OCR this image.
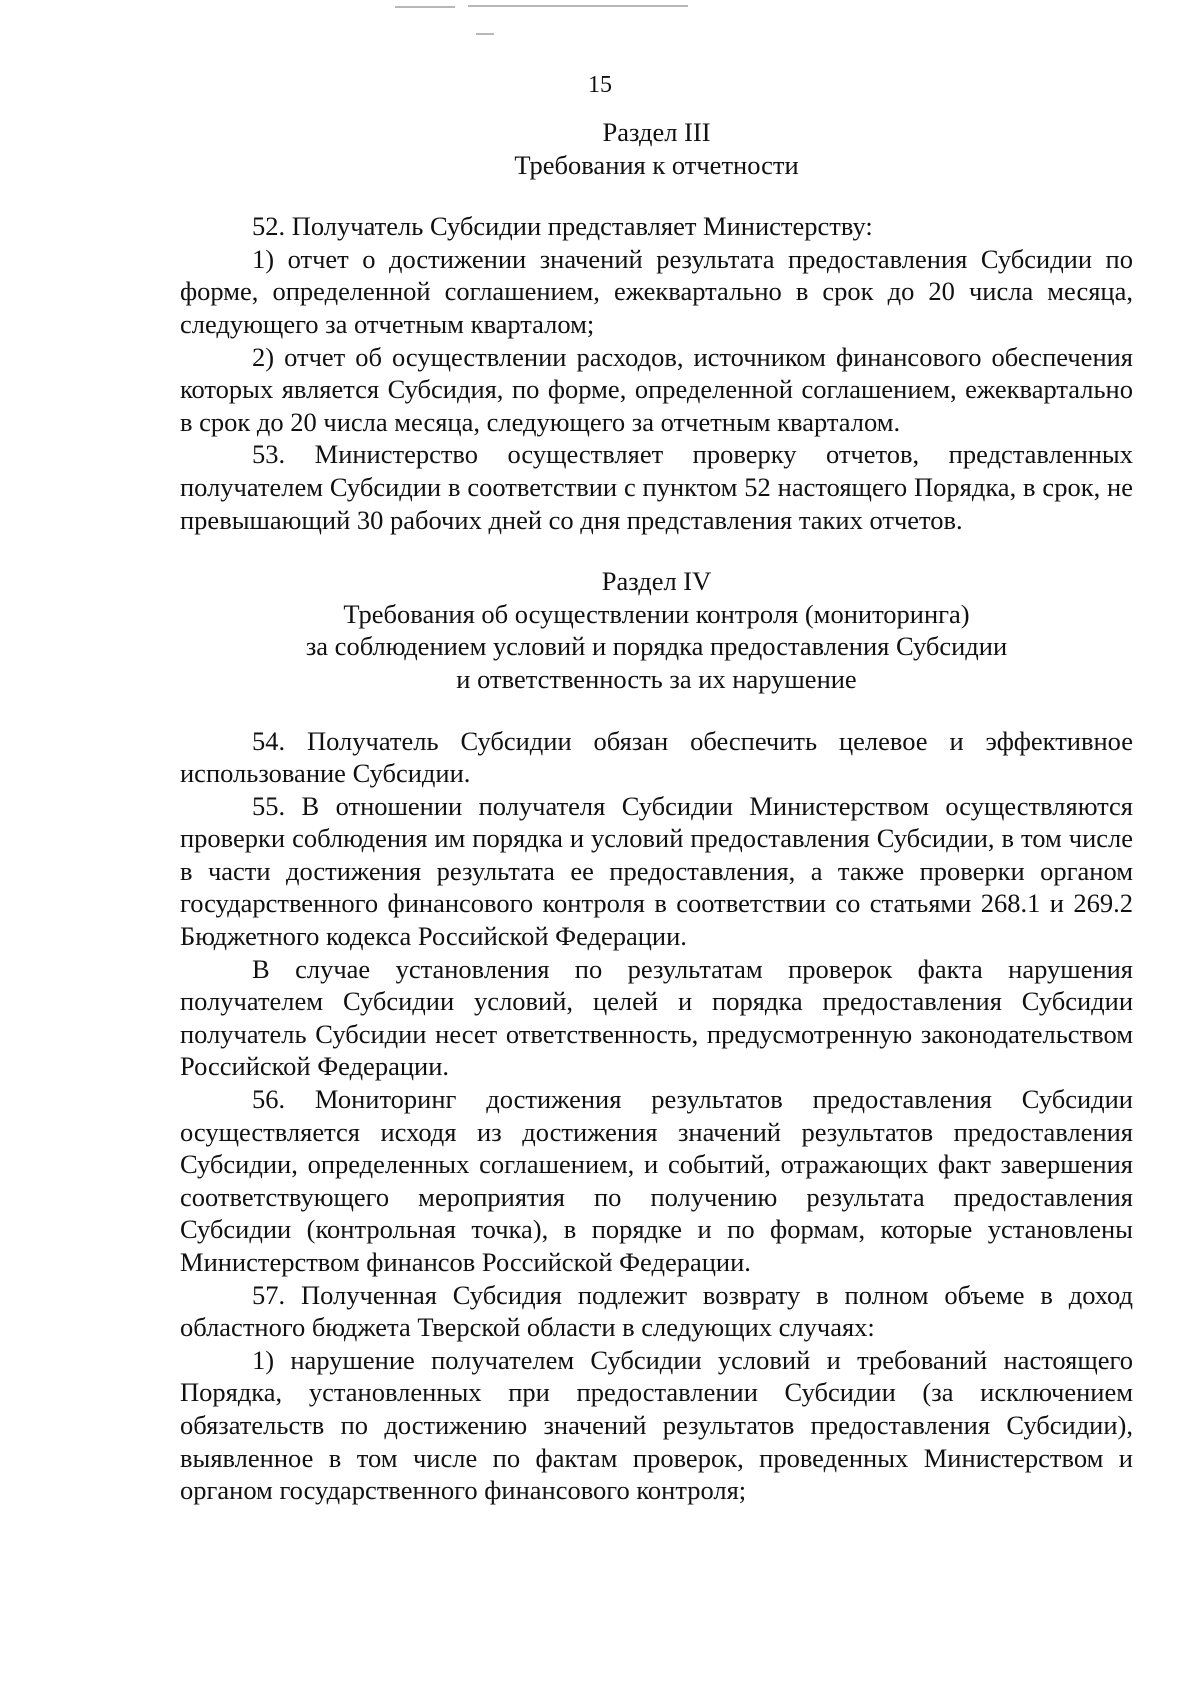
15
Раздел III
Требования к отчетности

52. Получатель Субсидии представляет Министерству:

1) отчет о достижении значений результата предоставления Субсидии по форме, определенной соглашением, ежеквартально в срок до 20 числа месяца, следующего за отчетным кварталом;

2) отчет об осуществлении расходов, источником финансового обеспечения которых является Субсидия, по форме, определенной соглашением, ежеквартально в срок до 20 числа месяца, следующего за отчетным кварталом.

53. Министерство осуществляет проверку отчетов, представленных получателем Субсидии в соответствии с пунктом 52 настоящего Порядка, в срок, не превышающий 30 рабочих дней со дня представления таких отчетов.

Раздел IV
Требования об осуществлении контроля (мониторинга)
за соблюдением условий и порядка предоставления Субсидии
и ответственность за их нарушение

54. Получатель Субсидии обязан обеспечить целевое и эффективное использование Субсидии.

55. В отношении получателя Субсидии Министерством осуществляются проверки соблюдения им порядка и условий предоставления Субсидии, в том числе в части достижения результата ее предоставления, а также проверки органом государственного финансового контроля в соответствии со статьями 268.1 и 269.2 Бюджетного кодекса Российской Федерации.

В случае установления по результатам проверок факта нарушения получателем Субсидии условий, целей и порядка предоставления Субсидии получатель Субсидии несет ответственность, предусмотренную законодательством Российской Федерации.

56. Мониторинг достижения результатов предоставления Субсидии осуществляется исходя из достижения значений результатов предоставления Субсидии, определенных соглашением, и событий, отражающих факт завершения соответствующего мероприятия по получению результата предоставления Субсидии (контрольная точка), в порядке и по формам, которые установлены Министерством финансов Российской Федерации.

57. Полученная Субсидия подлежит возврату в полном объеме в доход областного бюджета Тверской области в следующих случаях:

1) нарушение получателем Субсидии условий и требований настоящего Порядка, установленных при предоставлении Субсидии (за исключением обязательств по достижению значений результатов предоставления Субсидии), выявленное в том числе по фактам проверок, проведенных Министерством и органом государственного финансового контроля;
